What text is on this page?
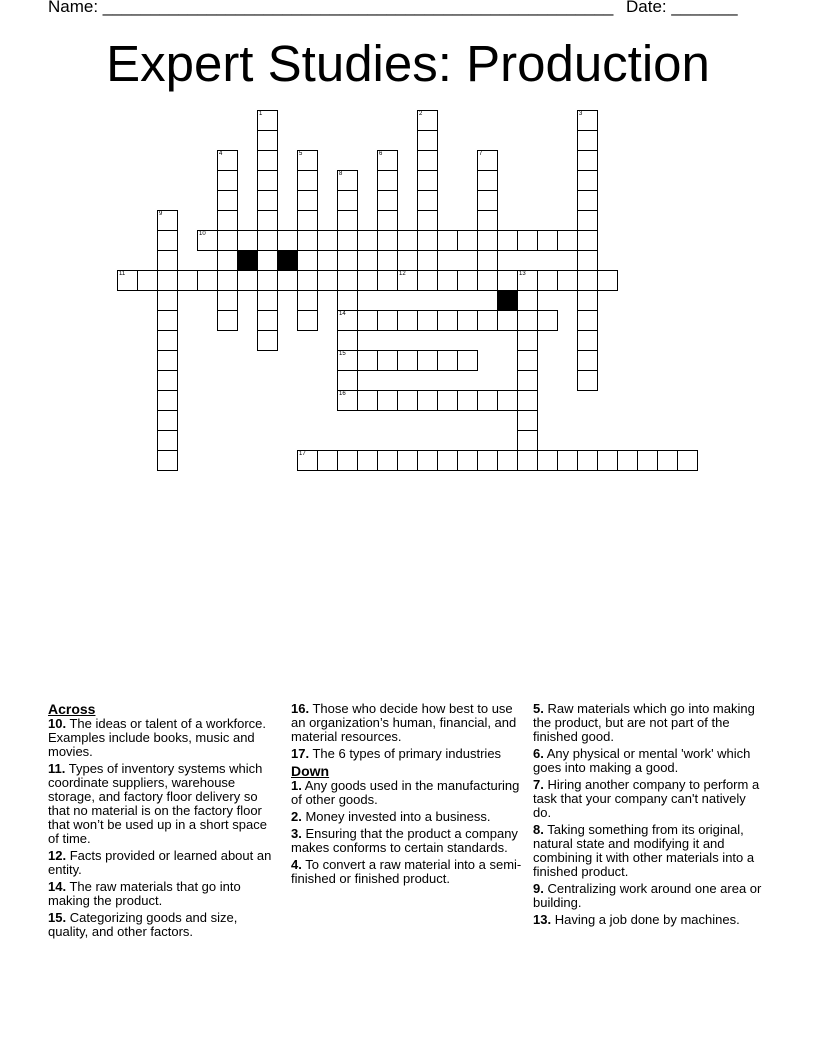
Name: ______________________________________________________ Date: _______
Expert Studies: Production
1	2	3
4	5	6	7
8
9
10
11	12	13
14
15
16
17
Across
10. The ideas or talent of a workforce. Examples include books, music and movies.
11. Types of inventory systems which coordinate suppliers, warehouse storage, and factory floor delivery so that no material is on the factory floor that won’t be used up in a short space of time.
12. Facts provided or learned about an entity.
14. The raw materials that go into making the product.
15. Categorizing goods and size, quality, and other factors.
16. Those who decide how best to use an organization’s human, financial, and material resources.
17. The 6 types of primary industries
Down
1. Any goods used in the manufacturing of other goods.
2. Money invested into a business.
3. Ensuring that the product a company makes conforms to certain standards.
4. To convert a raw material into a semi-finished or finished product.
5. Raw materials which go into making the product, but are not part of the finished good.
6. Any physical or mental 'work' which goes into making a good.
7. Hiring another company to perform a task that your company can't natively do.
8. Taking something from its original, natural state and modifying it and combining it with other materials into a finished product.
9. Centralizing work around one area or building.
13. Having a job done by machines.
